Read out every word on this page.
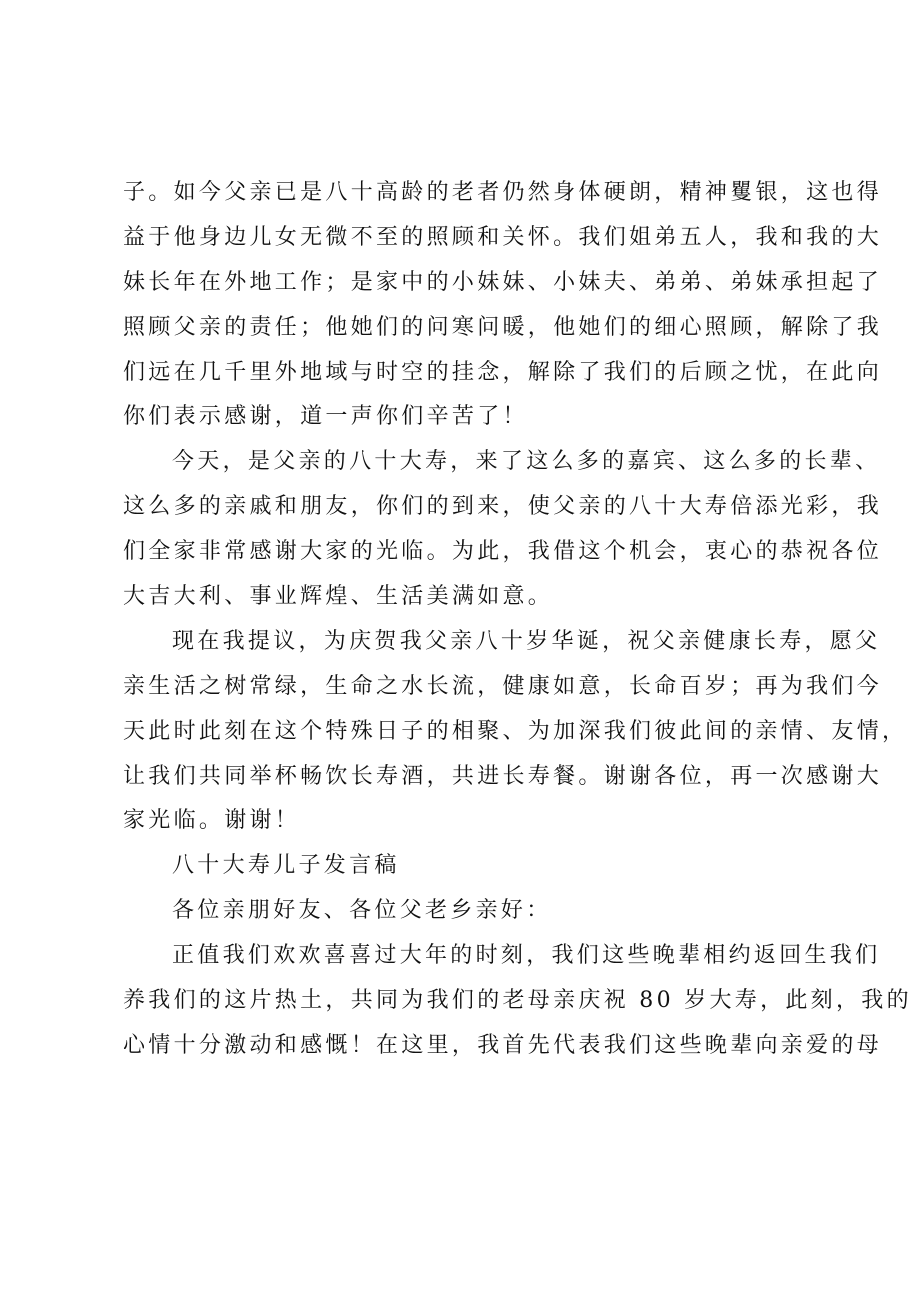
子。如今父亲已是八十高龄的老者仍然身体硬朗，精神矍银，这也得
益于他身边儿女无微不至的照顾和关怀。我们姐弟五人，我和我的大
妹长年在外地工作；是家中的小妹妹、小妹夫、弟弟、弟妹承担起了
照顾父亲的责任；他她们的问寒问暖，他她们的细心照顾，解除了我
们远在几千里外地域与时空的挂念，解除了我们的后顾之忧，在此向
你们表示感谢，道一声你们辛苦了！
今天，是父亲的八十大寿，来了这么多的嘉宾、这么多的长辈、
这么多的亲戚和朋友，你们的到来，使父亲的八十大寿倍添光彩，我
们全家非常感谢大家的光临。为此，我借这个机会，衷心的恭祝各位
大吉大利、事业辉煌、生活美满如意。
现在我提议，为庆贺我父亲八十岁华诞，祝父亲健康长寿，愿父
亲生活之树常绿，生命之水长流，健康如意，长命百岁；再为我们今
天此时此刻在这个特殊日子的相聚、为加深我们彼此间的亲情、友情，
让我们共同举杯畅饮长寿酒，共进长寿餐。谢谢各位，再一次感谢大
家光临。谢谢！
八十大寿儿子发言稿
各位亲朋好友、各位父老乡亲好：
正值我们欢欢喜喜过大年的时刻，我们这些晚辈相约返回生我们
养我们的这片热土，共同为我们的老母亲庆祝 80 岁大寿，此刻，我的
心情十分激动和感慨！在这里，我首先代表我们这些晚辈向亲爱的母
